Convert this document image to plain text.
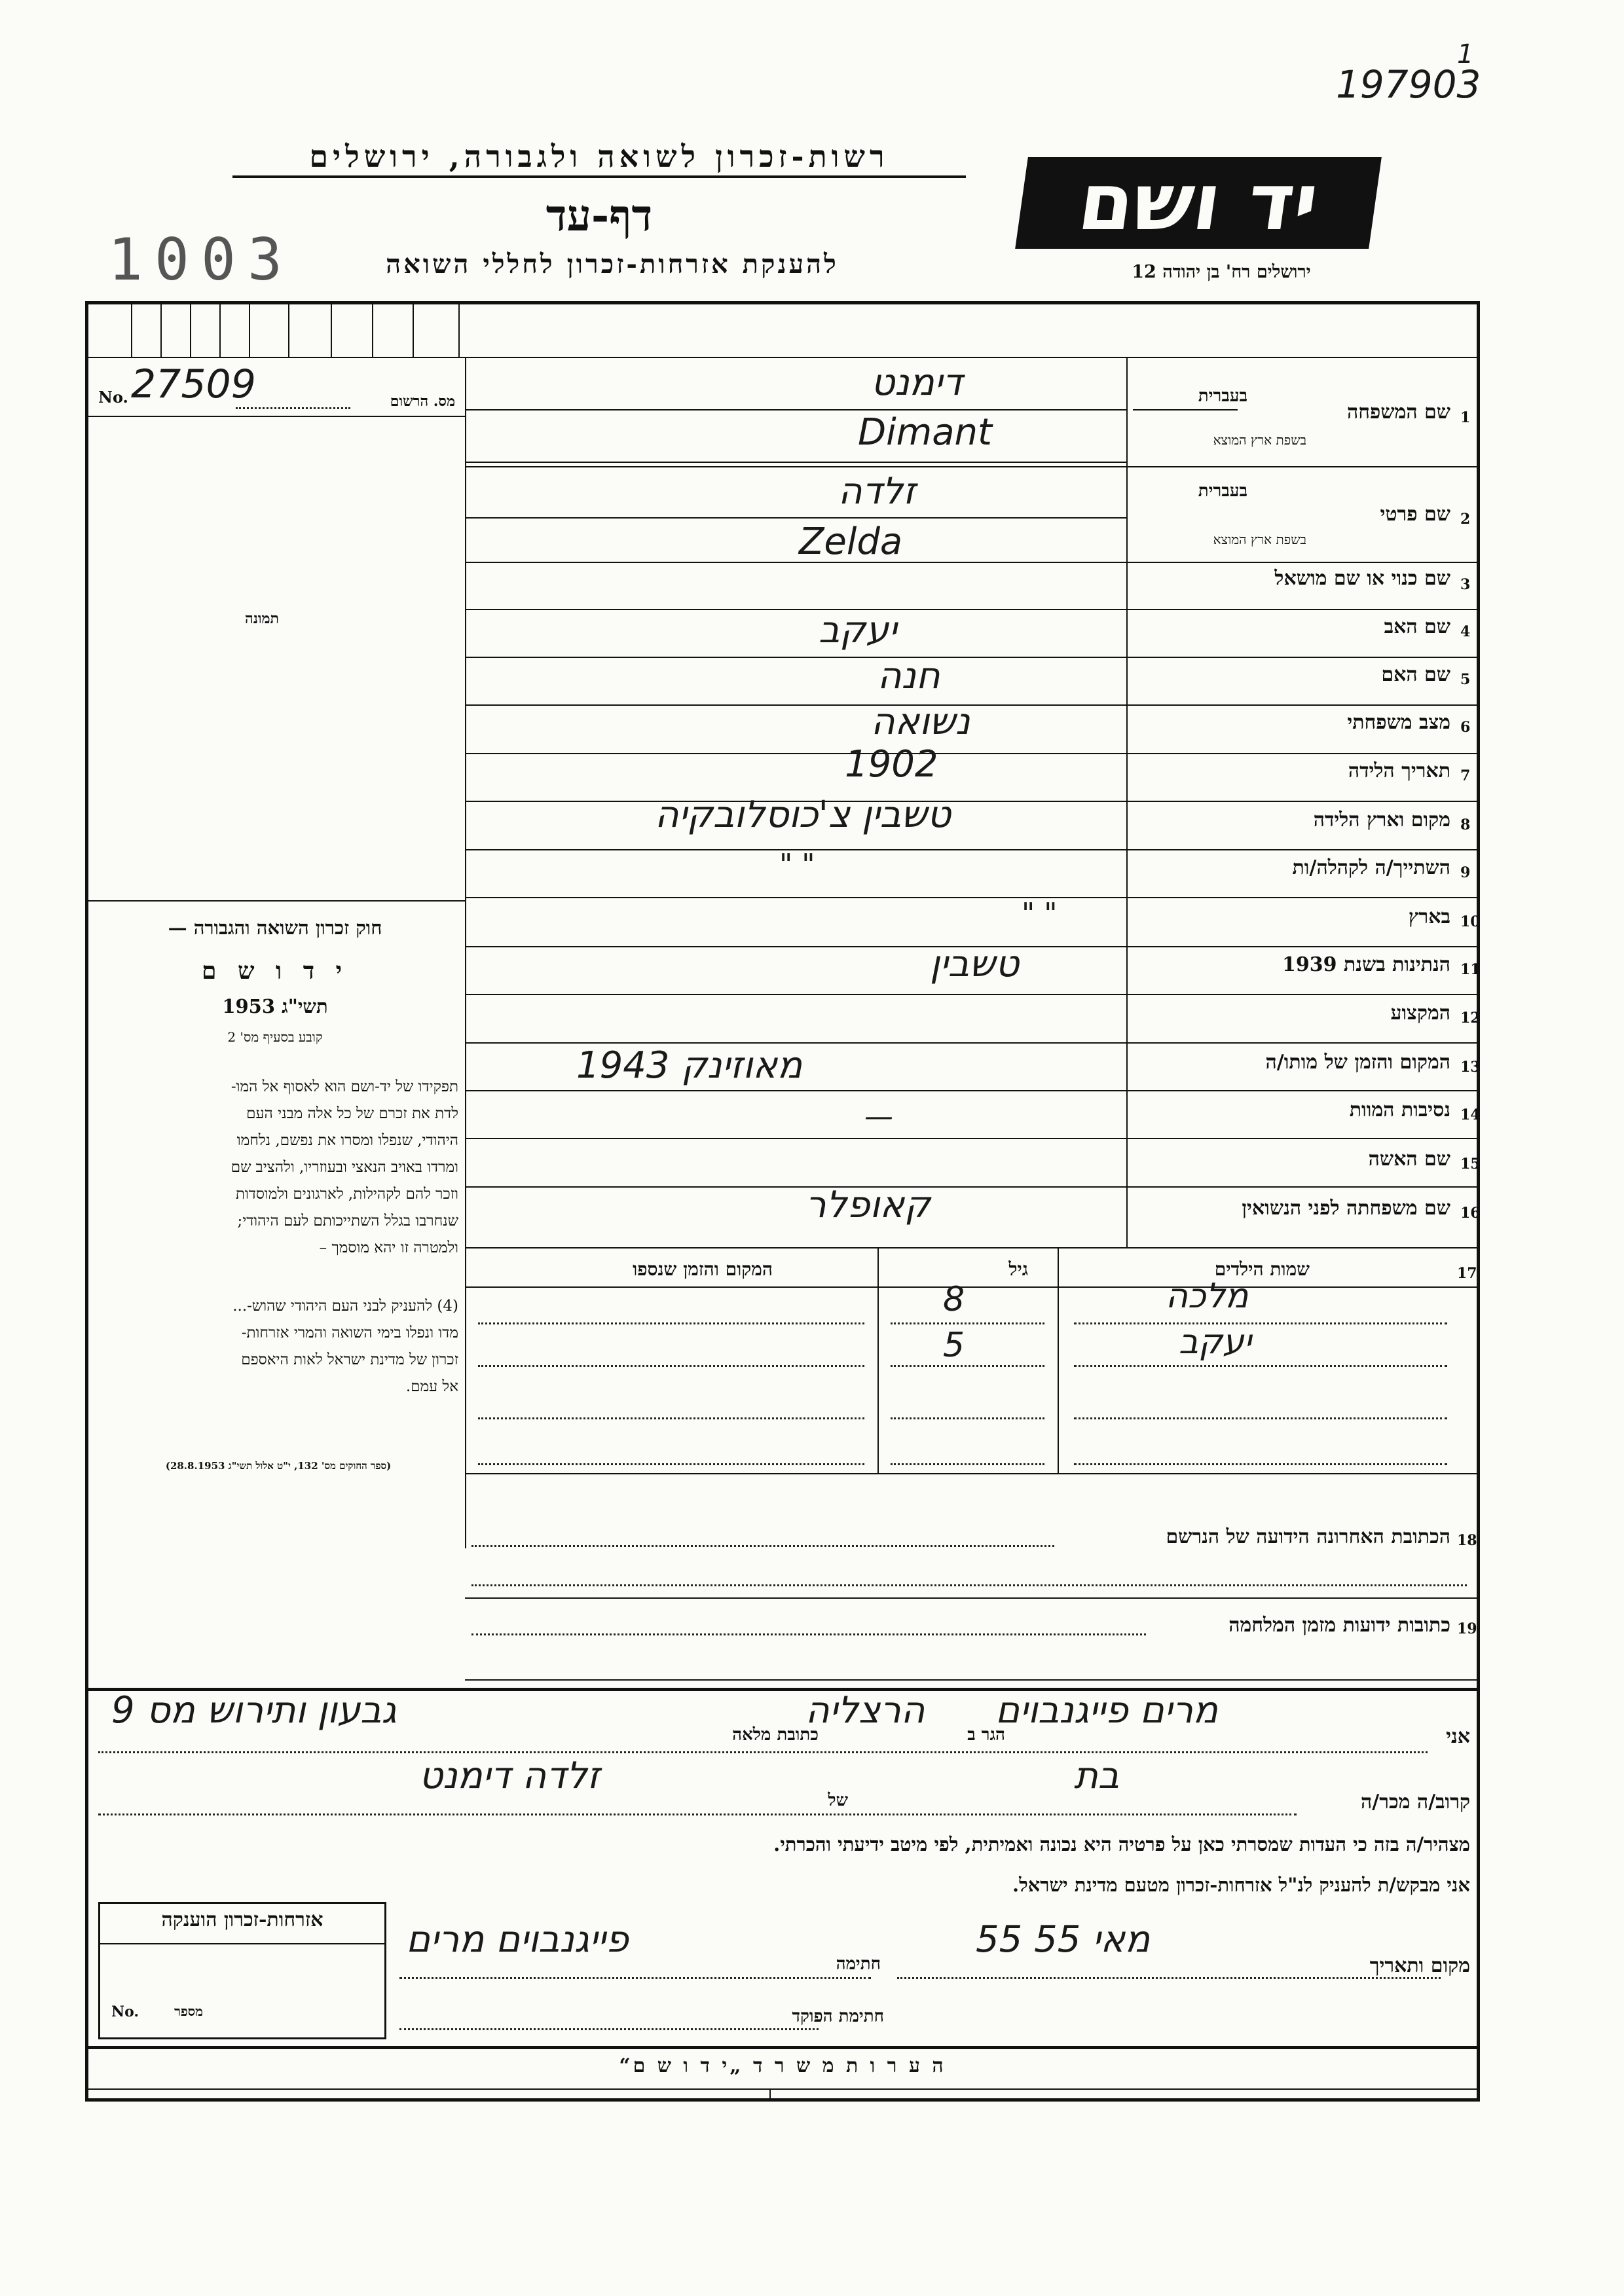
197903
1
רשות-זכרון לשואה ולגבורה, ירושלים
דף-עד
להענקת אזרחות-זכרון לחללי השואה
1003
יד ושם
ירושלים רח' בן יהודה 12
No. 27509	מס. הרשום
תמונה
חוק זכרון השואה והגבורה —
י ד ו ש ם
תשי"ג 1953
קובע בסעיף מס' 2
תפקידו של יד-ושם הוא לאסוף אל המו-
לדת את זכרם של כל אלה מבני העם
היהודי, שנפלו ומסרו את נפשם, נלחמו
ומרדו באויב הנאצי ובעוזריו, ולהציב שם
וזכר להם לקהילות, לארגונים ולמוסדות
שנחרבו בגלל השתייכותם לעם היהודי;
ולמטרה זו יהא מוסמך –
(4) להעניק לבני העם היהודי שהוש-...
מדו ונפלו בימי השואה והמרי אזרחות-
זכרון של מדינת ישראל לאות היאספם
אל עמם.
(ספר החוקים מס' 132, י"ט אלול תשי"ג 28.8.1953)
1
שם המשפחה
בעברית
בשפת ארץ המוצא
דימנט
Dimant
2
שם פרטי
בעברית
בשפת ארץ המוצא
זלדה
Zelda
3
שם כנוי או שם מושאל
4
שם האב
יעקב
5
שם האם
חנה
6
מצב משפחתי
נשואה
7
תאריך הלידה
1902
8
מקום וארץ הלידה
טשבין צ'כוסלובקיה
9
השתייך/ה לקהלה/ות
" "
10
בארץ
" "
11
הנתינות בשנת 1939
טשבין
12
המקצוע
13
המקום והזמן של מותו/ה
מאוזינק 1943
14
נסיבות המוות
—
15
שם האשה
16
שם משפחתה לפני הנשואין
קאופלר
17
שמות הילדים
גיל
המקום והזמן שנספו
מלכה
8
יעקב
5
18
הכתובת האחרונה הידועה של הנרשם
19
כתובות ידועות מזמן המלחמה
אני
מרים פייגנבוים
הגר ב
הרצליה
כתובת מלאה
גבעון ותירוש מס 9
קרוב/ה מכר/ה
בת
של
זלדה דימנט
מצהיר/ה בזה כי העדות שמסרתי כאן על פרטיה היא נכונה ואמיתית, לפי מיטב ידיעתי והכרתי.
אני מבקש/ת להעניק לנ"ל אזרחות-זכרון מטעם מדינת ישראל.
אזרחות-זכרון הוענקה
No.	מספר
מקום ותאריך
55 מאי 55
חתימה
פייגנבוים מרים
חתימת הפוקד
ה ע ר ו ת מ ש ר ד „י ד ו ש ם“
